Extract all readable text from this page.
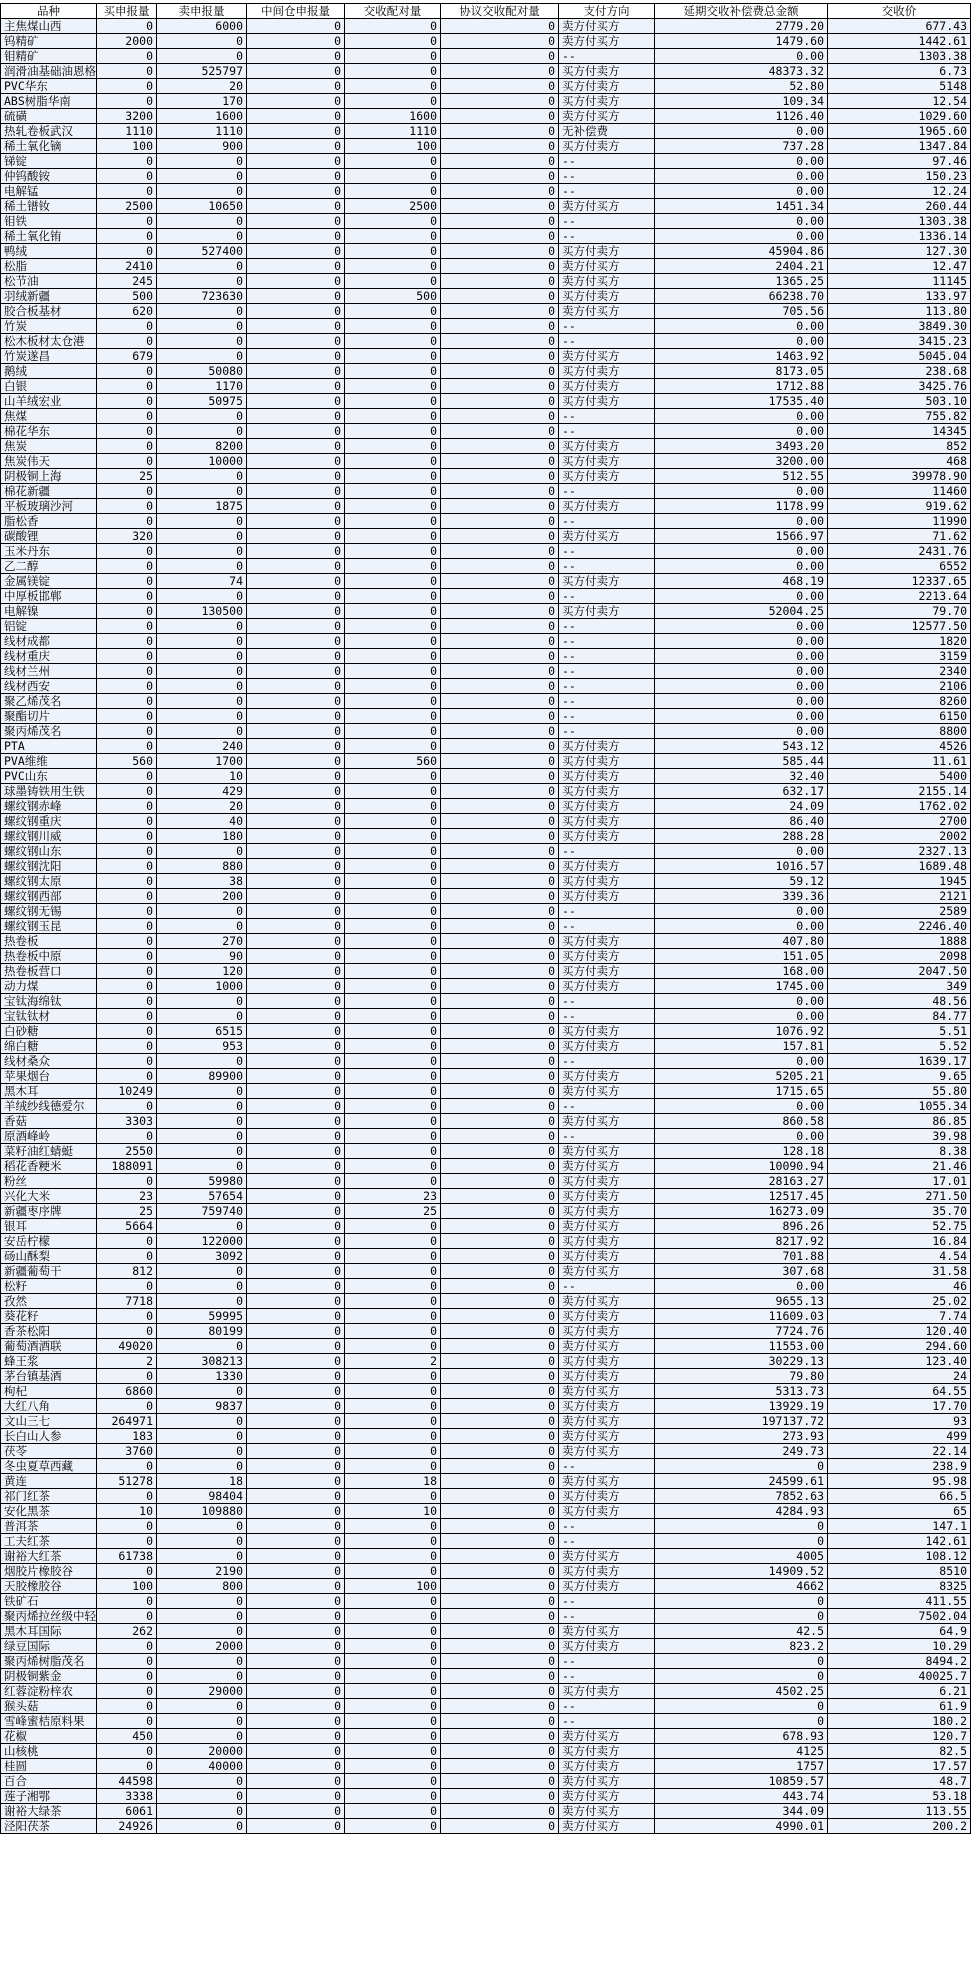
品种	买申报量	卖申报量	中间仓申报量	交收配对量	协议交收配对量	支付方向	延期交收补偿费总金额	交收价
主焦煤山西	0	6000	0	0	0	卖方付买方	2779.20	677.43
钨精矿	2000	0	0	0	0	卖方付买方	1479.60	1442.61
钼精矿	0	0	0	0	0	--	0.00	1303.38
润滑油基础油恩格	0	525797	0	0	0	买方付卖方	48373.32	6.73
PVC华东	0	20	0	0	0	买方付卖方	52.80	5148
ABS树脂华南	0	170	0	0	0	买方付卖方	109.34	12.54
硫磺	3200	1600	0	1600	0	卖方付买方	1126.40	1029.60
热轧卷板武汉	1110	1110	0	1110	0	无补偿费	0.00	1965.60
稀土氧化镝	100	900	0	100	0	买方付卖方	737.28	1347.84
锑锭	0	0	0	0	0	--	0.00	97.46
仲钨酸铵	0	0	0	0	0	--	0.00	150.23
电解锰	0	0	0	0	0	--	0.00	12.24
稀土镨钕	2500	10650	0	2500	0	卖方付买方	1451.34	260.44
钼铁	0	0	0	0	0	--	0.00	1303.38
稀土氧化铕	0	0	0	0	0	--	0.00	1336.14
鸭绒	0	527400	0	0	0	买方付卖方	45904.86	127.30
松脂	2410	0	0	0	0	卖方付买方	2404.21	12.47
松节油	245	0	0	0	0	卖方付买方	1365.25	11145
羽绒新疆	500	723630	0	500	0	买方付卖方	66238.70	133.97
胶合板基材	620	0	0	0	0	卖方付买方	705.56	113.80
竹炭	0	0	0	0	0	--	0.00	3849.30
松木板材太仓港	0	0	0	0	0	--	0.00	3415.23
竹炭遂昌	679	0	0	0	0	卖方付买方	1463.92	5045.04
鹅绒	0	50080	0	0	0	买方付卖方	8173.05	238.68
白银	0	1170	0	0	0	买方付卖方	1712.88	3425.76
山羊绒宏业	0	50975	0	0	0	买方付卖方	17535.40	503.10
焦煤	0	0	0	0	0	--	0.00	755.82
棉花华东	0	0	0	0	0	--	0.00	14345
焦炭	0	8200	0	0	0	买方付卖方	3493.20	852
焦炭伟天	0	10000	0	0	0	买方付卖方	3200.00	468
阴极铜上海	25	0	0	0	0	买方付卖方	512.55	39978.90
棉花新疆	0	0	0	0	0	--	0.00	11460
平板玻璃沙河	0	1875	0	0	0	买方付卖方	1178.99	919.62
脂松香	0	0	0	0	0	--	0.00	11990
碳酸锂	320	0	0	0	0	卖方付买方	1566.97	71.62
玉米丹东	0	0	0	0	0	--	0.00	2431.76
乙二醇	0	0	0	0	0	--	0.00	6552
金属镁锭	0	74	0	0	0	买方付卖方	468.19	12337.65
中厚板邯郸	0	0	0	0	0	--	0.00	2213.64
电解镍	0	130500	0	0	0	买方付卖方	52004.25	79.70
铝锭	0	0	0	0	0	--	0.00	12577.50
线材成都	0	0	0	0	0	--	0.00	1820
线材重庆	0	0	0	0	0	--	0.00	3159
线材兰州	0	0	0	0	0	--	0.00	2340
线材西安	0	0	0	0	0	--	0.00	2106
聚乙烯茂名	0	0	0	0	0	--	0.00	8260
聚酯切片	0	0	0	0	0	--	0.00	6150
聚丙烯茂名	0	0	0	0	0	--	0.00	8800
PTA	0	240	0	0	0	买方付卖方	543.12	4526
PVA维维	560	1700	0	560	0	买方付卖方	585.44	11.61
PVC山东	0	10	0	0	0	买方付卖方	32.40	5400
球墨铸铁用生铁	0	429	0	0	0	买方付卖方	632.17	2155.14
螺纹钢赤峰	0	20	0	0	0	买方付卖方	24.09	1762.02
螺纹钢重庆	0	40	0	0	0	买方付卖方	86.40	2700
螺纹钢川威	0	180	0	0	0	买方付卖方	288.28	2002
螺纹钢山东	0	0	0	0	0	--	0.00	2327.13
螺纹钢沈阳	0	880	0	0	0	买方付卖方	1016.57	1689.48
螺纹钢太原	0	38	0	0	0	买方付卖方	59.12	1945
螺纹钢西部	0	200	0	0	0	买方付卖方	339.36	2121
螺纹钢无锡	0	0	0	0	0	--	0.00	2589
螺纹钢玉昆	0	0	0	0	0	--	0.00	2246.40
热卷板	0	270	0	0	0	买方付卖方	407.80	1888
热卷板中原	0	90	0	0	0	买方付卖方	151.05	2098
热卷板营口	0	120	0	0	0	买方付卖方	168.00	2047.50
动力煤	0	1000	0	0	0	买方付卖方	1745.00	349
宝钛海绵钛	0	0	0	0	0	--	0.00	48.56
宝钛钛材	0	0	0	0	0	--	0.00	84.77
白砂糖	0	6515	0	0	0	买方付卖方	1076.92	5.51
绵白糖	0	953	0	0	0	买方付卖方	157.81	5.52
线材桑众	0	0	0	0	0	--	0.00	1639.17
苹果烟台	0	89900	0	0	0	买方付卖方	5205.21	9.65
黑木耳	10249	0	0	0	0	卖方付买方	1715.65	55.80
羊绒纱线德爱尔	0	0	0	0	0	--	0.00	1055.34
香菇	3303	0	0	0	0	卖方付买方	860.58	86.85
原酒峰岭	0	0	0	0	0	--	0.00	39.98
菜籽油红蜻蜓	2550	0	0	0	0	卖方付买方	128.18	8.38
稻花香粳米	188091	0	0	0	0	卖方付买方	10090.94	21.46
粉丝	0	59980	0	0	0	买方付卖方	28163.27	17.01
兴化大米	23	57654	0	23	0	买方付卖方	12517.45	271.50
新疆枣序牌	25	759740	0	25	0	买方付卖方	16273.09	35.70
银耳	5664	0	0	0	0	卖方付买方	896.26	52.75
安岳柠檬	0	122000	0	0	0	买方付卖方	8217.92	16.84
砀山酥梨	0	3092	0	0	0	买方付卖方	701.88	4.54
新疆葡萄干	812	0	0	0	0	卖方付买方	307.68	31.58
松籽	0	0	0	0	0	--	0.00	46
孜然	7718	0	0	0	0	卖方付买方	9655.13	25.02
葵花籽	0	59995	0	0	0	买方付卖方	11609.03	7.74
香茶松阳	0	80199	0	0	0	买方付卖方	7724.76	120.40
葡萄酒酒联	49020	0	0	0	0	卖方付买方	11553.00	294.60
蜂王浆	2	308213	0	2	0	买方付卖方	30229.13	123.40
茅台镇基酒	0	1330	0	0	0	买方付卖方	79.80	24
枸杞	6860	0	0	0	0	卖方付买方	5313.73	64.55
大红八角	0	9837	0	0	0	买方付卖方	13929.19	17.70
文山三七	264971	0	0	0	0	卖方付买方	197137.72	93
长白山人参	183	0	0	0	0	卖方付买方	273.93	499
茯苓	3760	0	0	0	0	卖方付买方	249.73	22.14
冬虫夏草西藏	0	0	0	0	0	--	0	238.9
黄连	51278	18	0	18	0	卖方付买方	24599.61	95.98
祁门红茶	0	98404	0	0	0	买方付卖方	7852.63	66.5
安化黑茶	10	109880	0	10	0	买方付卖方	4284.93	65
普洱茶	0	0	0	0	0	--	0	147.1
工夫红茶	0	0	0	0	0	--	0	142.61
谢裕大红茶	61738	0	0	0	0	卖方付买方	4005	108.12
烟胶片橡胶谷	0	2190	0	0	0	买方付卖方	14909.52	8510
天胶橡胶谷	100	800	0	100	0	买方付卖方	4662	8325
铁矿石	0	0	0	0	0	--	0	411.55
聚丙烯拉丝级中轻	0	0	0	0	0	--	0	7502.04
黑木耳国际	262	0	0	0	0	卖方付买方	42.5	64.9
绿豆国际	0	2000	0	0	0	买方付卖方	823.2	10.29
聚丙烯树脂茂名	0	0	0	0	0	--	0	8494.2
阴极铜紫金	0	0	0	0	0	--	0	40025.7
红蓉淀粉梓农	0	29000	0	0	0	买方付卖方	4502.25	6.21
猴头菇	0	0	0	0	0	--	0	61.9
雪峰蜜桔原料果	0	0	0	0	0	--	0	180.2
花椒	450	0	0	0	0	卖方付买方	678.93	120.7
山核桃	0	20000	0	0	0	买方付卖方	4125	82.5
桂圆	0	40000	0	0	0	买方付卖方	1757	17.57
百合	44598	0	0	0	0	卖方付买方	10859.57	48.7
莲子湘鄂	3338	0	0	0	0	卖方付买方	443.74	53.18
谢裕大绿茶	6061	0	0	0	0	卖方付买方	344.09	113.55
泾阳茯茶	24926	0	0	0	0	卖方付买方	4990.01	200.2
